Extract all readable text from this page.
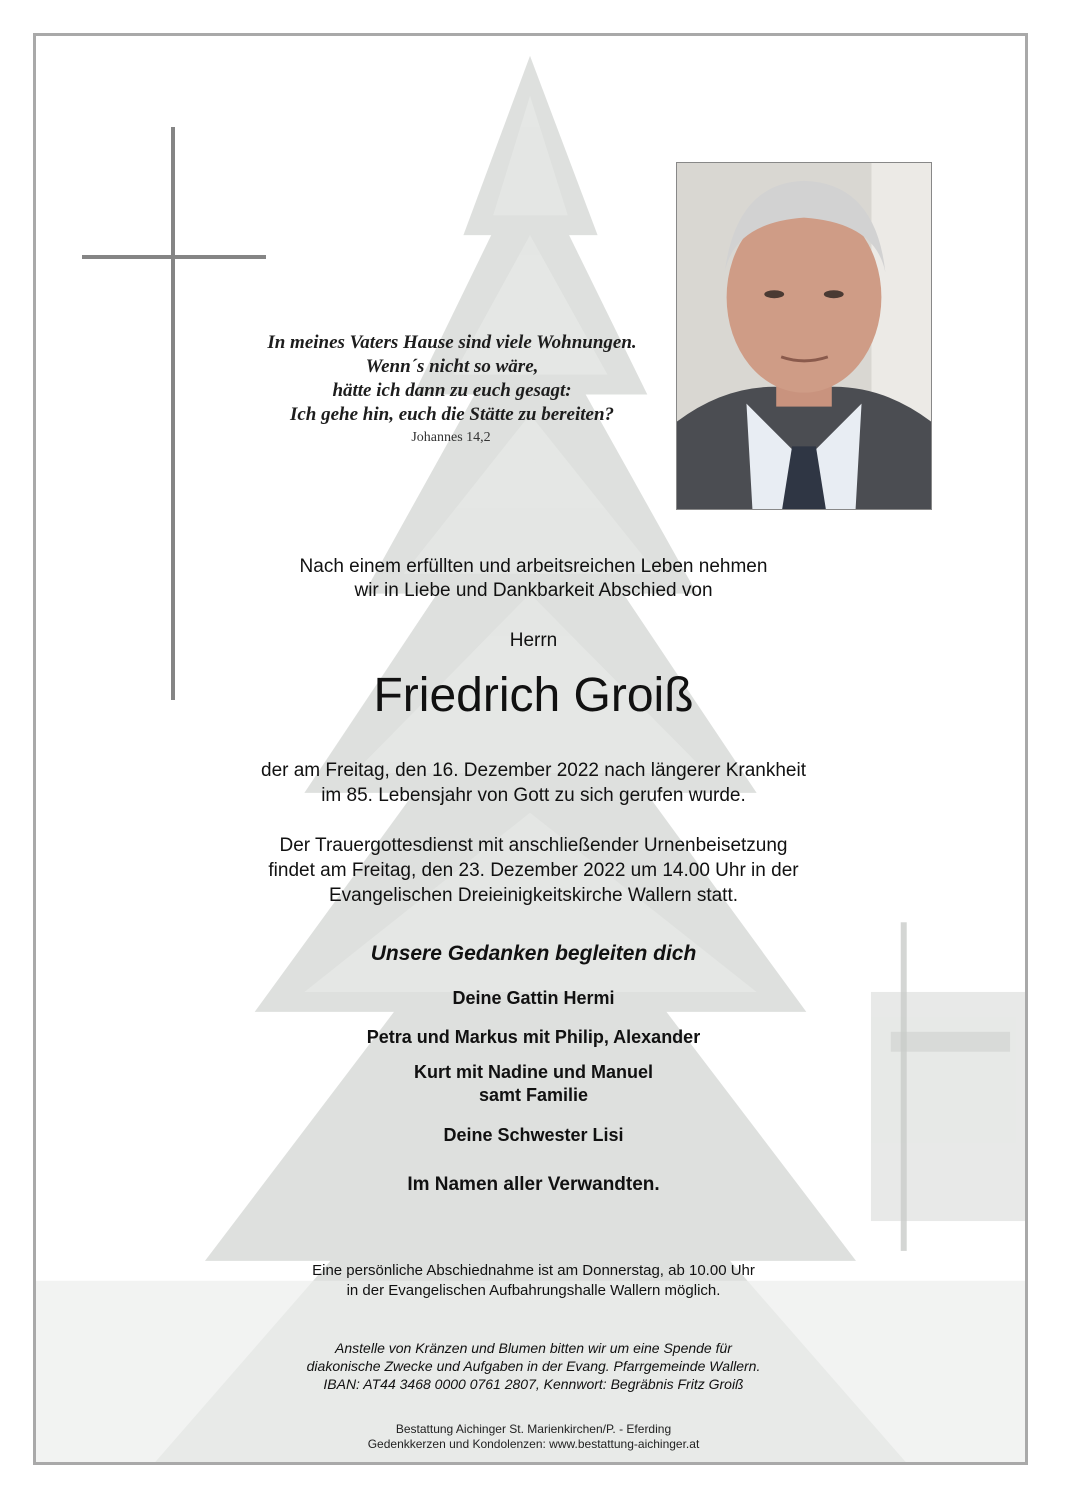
In meines Vaters Hause sind viele Wohnungen.
Wenn´s nicht so wäre,
hätte ich dann zu euch gesagt:
Ich gehe hin, euch die Stätte zu bereiten?
Johannes 14,2
Nach einem erfüllten und arbeitsreichen Leben nehmen
wir in Liebe und Dankbarkeit Abschied von
Herrn
Friedrich Groiß
der am Freitag, den 16. Dezember 2022 nach längerer Krankheit
im 85. Lebensjahr von Gott zu sich gerufen wurde.
Der Trauergottesdienst mit anschließender Urnenbeisetzung
findet am Freitag, den 23. Dezember 2022 um 14.00 Uhr in der
Evangelischen Dreieinigkeitskirche Wallern statt.
Unsere Gedanken begleiten dich
Deine Gattin Hermi
Petra und Markus mit Philip, Alexander
Kurt mit Nadine und Manuel
samt Familie
Deine Schwester Lisi
Im Namen aller Verwandten.
Eine persönliche Abschiednahme ist am Donnerstag, ab 10.00 Uhr
in der Evangelischen Aufbahrungshalle Wallern möglich.
Anstelle von Kränzen und Blumen bitten wir um eine Spende für
diakonische Zwecke und Aufgaben in der Evang. Pfarrgemeinde Wallern.
IBAN: AT44 3468 0000 0761 2807, Kennwort: Begräbnis Fritz Groiß
Bestattung Aichinger St. Marienkirchen/P. - Eferding
Gedenkkerzen und Kondolenzen: www.bestattung-aichinger.at
